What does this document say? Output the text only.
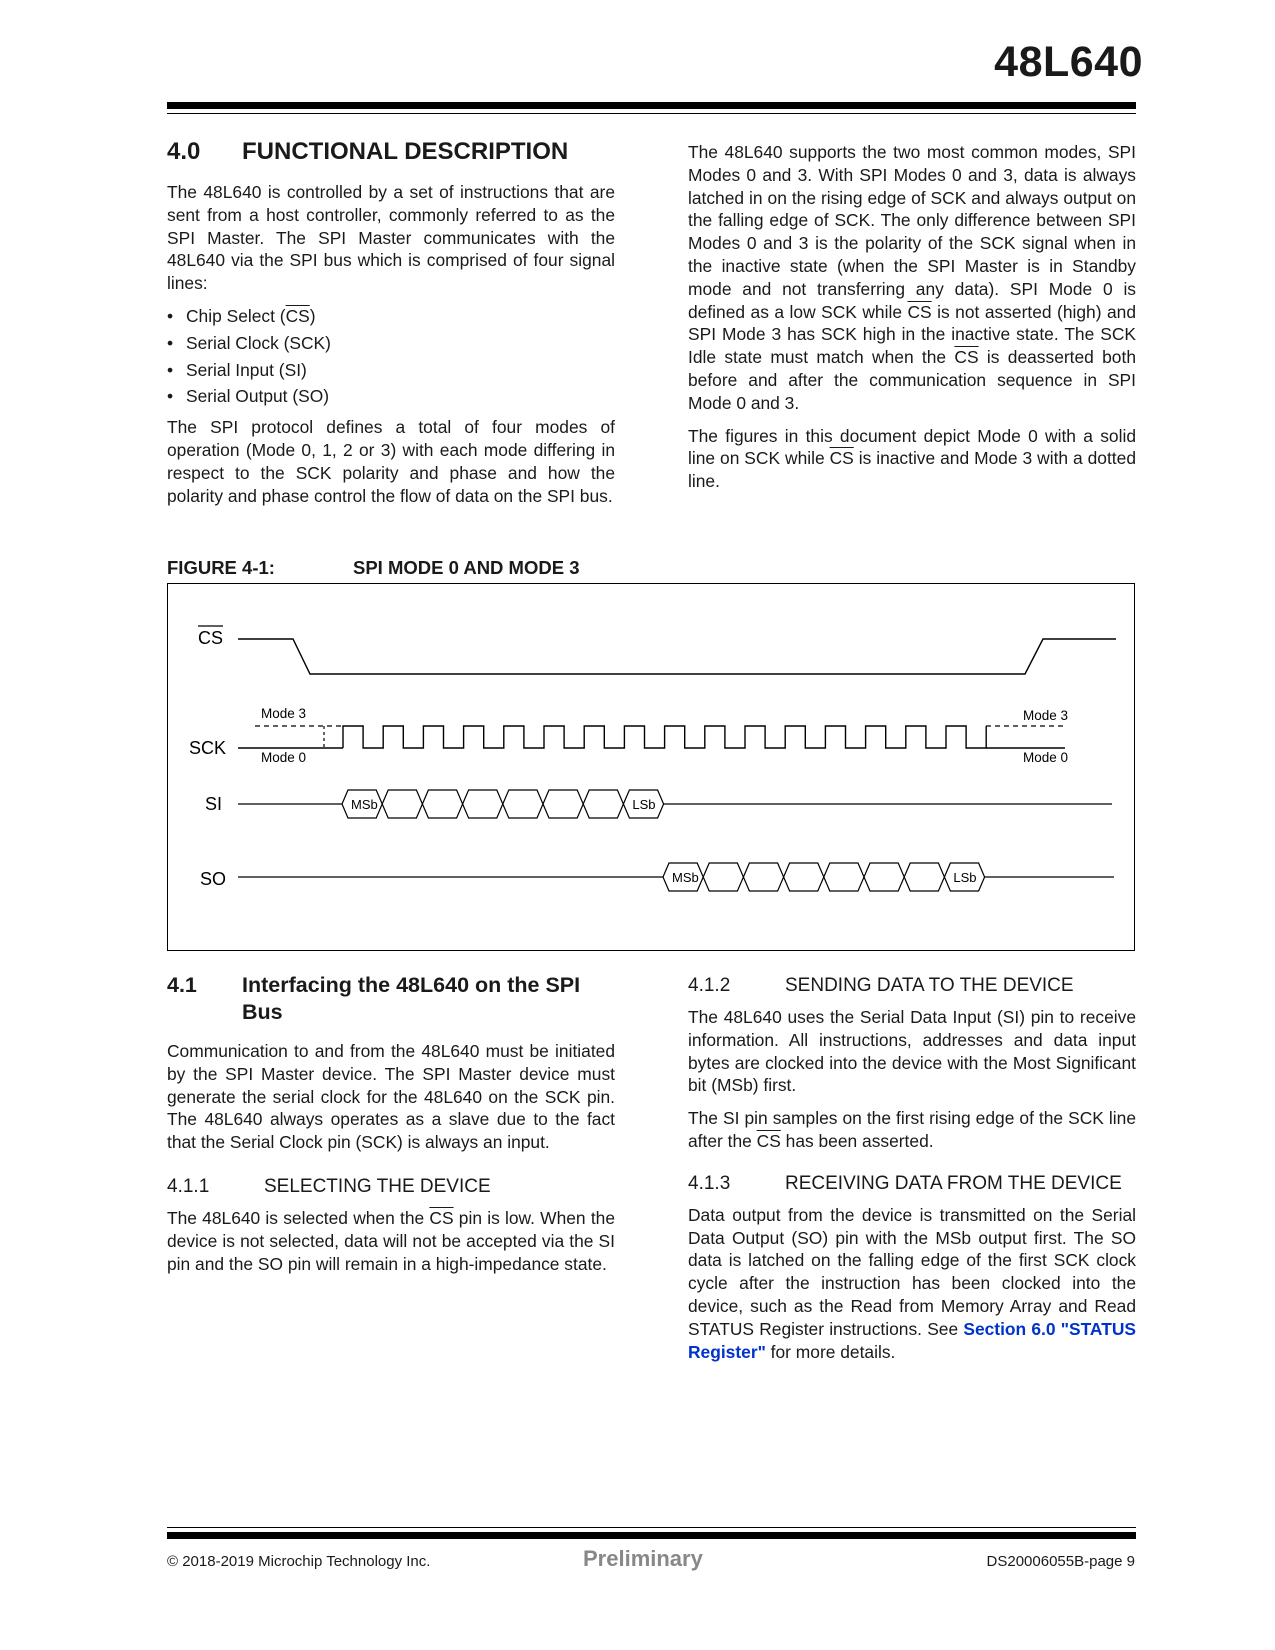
48L640
4.0	FUNCTIONAL DESCRIPTION

The 48L640 is controlled by a set of instructions that are sent from a host controller, commonly referred to as the SPI Master. The SPI Master communicates with the 48L640 via the SPI bus which is comprised of four signal lines:

• Chip Select $(\overline{CS})$
• Serial Clock (SCK)
• Serial Input (SI)
• Serial Output (SO)

The SPI protocol defines a total of four modes of operation (Mode 0, 1, 2 or 3) with each mode differing in respect to the SCK polarity and phase and how the polarity and phase control the flow of data on the SPI bus.

The 48L640 supports the two most common modes, SPI Modes 0 and 3. With SPI Modes 0 and 3, data is always latched in on the rising edge of SCK and always output on the falling edge of SCK. The only difference between SPI Modes 0 and 3 is the polarity of the SCK signal when in the inactive state (when the SPI Master is in Standby mode and not transferring any data). SPI Mode 0 is defined as a low SCK while $\overline{CS}$ is not asserted (high) and SPI Mode 3 has SCK high in the inactive state. The SCK Idle state must match when the $\overline{CS}$ is deasserted both before and after the communication sequence in SPI Mode 0 and 3.

The figures in this document depict Mode 0 with a solid line on SCK while $\overline{CS}$ is inactive and Mode 3 with a dotted line.

FIGURE 4-1:	SPI MODE 0 AND MODE 3
CS
SCK
Mode 3
Mode 0
Mode 3
Mode 0
SI	MSb	LSb
SO	MSb	LSb
4.1	Interfacing the 48L640 on the SPI Bus

Communication to and from the 48L640 must be initiated by the SPI Master device. The SPI Master device must generate the serial clock for the 48L640 on the SCK pin. The 48L640 always operates as a slave due to the fact that the Serial Clock pin (SCK) is always an input.

4.1.1	SELECTING THE DEVICE

The 48L640 is selected when the $\overline{CS}$ pin is low. When the device is not selected, data will not be accepted via the SI pin and the SO pin will remain in a high-impedance state.

4.1.2	SENDING DATA TO THE DEVICE

The 48L640 uses the Serial Data Input (SI) pin to receive information. All instructions, addresses and data input bytes are clocked into the device with the Most Significant bit (MSb) first.

The SI pin samples on the first rising edge of the SCK line after the $\overline{CS}$ has been asserted.

4.1.3	RECEIVING DATA FROM THE DEVICE

Data output from the device is transmitted on the Serial Data Output (SO) pin with the MSb output first. The SO data is latched on the falling edge of the first SCK clock cycle after the instruction has been clocked into the device, such as the Read from Memory Array and Read STATUS Register instructions. See Section 6.0 "STATUS Register" for more details.

© 2018-2019 Microchip Technology Inc.	Preliminary	DS20006055B-page 9
